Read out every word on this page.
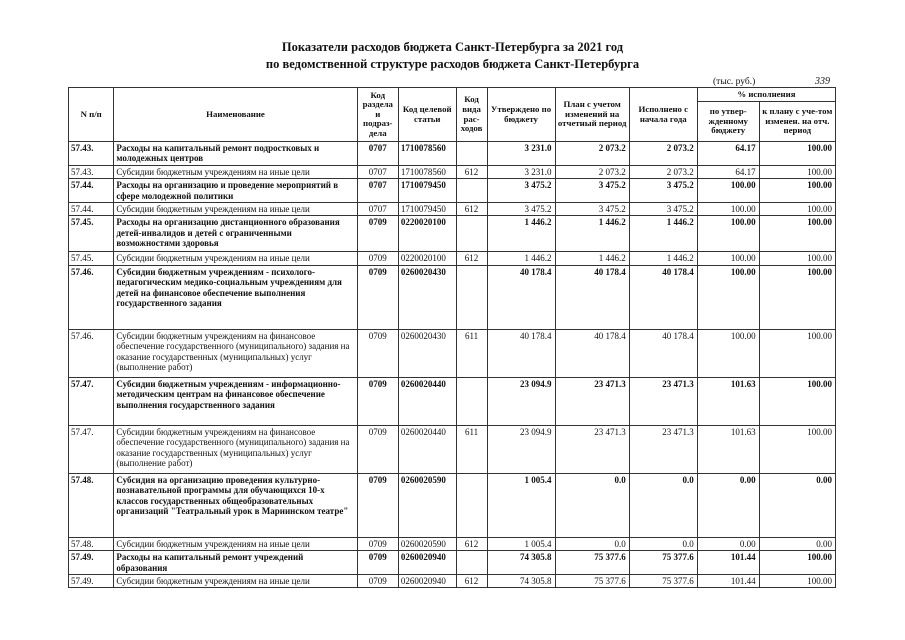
Показатели расходов бюджета Санкт-Петербурга за 2021 год
по ведомственной структуре расходов бюджета Санкт-Петербурга
(тыс. руб.)	339
N п/п	Наименование	Код раздела и подраз-дела	Код целевой статьи	Код вида рас-ходов	Утверждено по бюджету	План с учетом изменений на отчетный период	Исполнено с начала года	% исполнения	
								по утвер-жденному бюджету	к плану с уче-том изменен. на отч. период
57.43.	Расходы на капитальный ремонт подростковых и молодежных центров	0707	1710078560		3 231.0	2 073.2	2 073.2	64.17	100.00
57.43.	Субсидии бюджетным учреждениям на иные цели	0707	1710078560	612	3 231.0	2 073.2	2 073.2	64.17	100.00
57.44.	Расходы на организацию и проведение мероприятий в сфере молодежной политики	0707	1710079450		3 475.2	3 475.2	3 475.2	100.00	100.00
57.44.	Субсидии бюджетным учреждениям на иные цели	0707	1710079450	612	3 475.2	3 475.2	3 475.2	100.00	100.00
57.45.	Расходы на организацию дистанционного образования детей-инвалидов и детей с ограниченными возможностями здоровья	0709	0220020100		1 446.2	1 446.2	1 446.2	100.00	100.00
57.45.	Субсидии бюджетным учреждениям на иные цели	0709	0220020100	612	1 446.2	1 446.2	1 446.2	100.00	100.00
57.46.	Субсидии бюджетным учреждениям - психолого-педагогическим медико-социальным учреждениям для детей на финансовое обеспечение выполнения государственного задания	0709	0260020430		40 178.4	40 178.4	40 178.4	100.00	100.00
57.46.	Субсидии бюджетным учреждениям на финансовое обеспечение государственного (муниципального) задания на оказание государственных (муниципальных) услуг (выполнение работ)	0709	0260020430	611	40 178.4	40 178.4	40 178.4	100.00	100.00
57.47.	Субсидии бюджетным учреждениям - информационно-методическим центрам на финансовое обеспечение выполнения государственного задания	0709	0260020440		23 094.9	23 471.3	23 471.3	101.63	100.00
57.47.	Субсидии бюджетным учреждениям на финансовое обеспечение государственного (муниципального) задания на оказание государственных (муниципальных) услуг (выполнение работ)	0709	0260020440	611	23 094.9	23 471.3	23 471.3	101.63	100.00
57.48.	Субсидия на организацию проведения культурно-познавательной программы для обучающихся 10-х классов государственных общеобразовательных организаций "Театральный урок в Мариинском театре"	0709	0260020590		1 005.4	0.0	0.0	0.00	0.00
57.48.	Субсидии бюджетным учреждениям на иные цели	0709	0260020590	612	1 005.4	0.0	0.0	0.00	0.00
57.49.	Расходы на капитальный ремонт учреждений образования	0709	0260020940		74 305.8	75 377.6	75 377.6	101.44	100.00
57.49.	Субсидии бюджетным учреждениям на иные цели	0709	0260020940	612	74 305.8	75 377.6	75 377.6	101.44	100.00
